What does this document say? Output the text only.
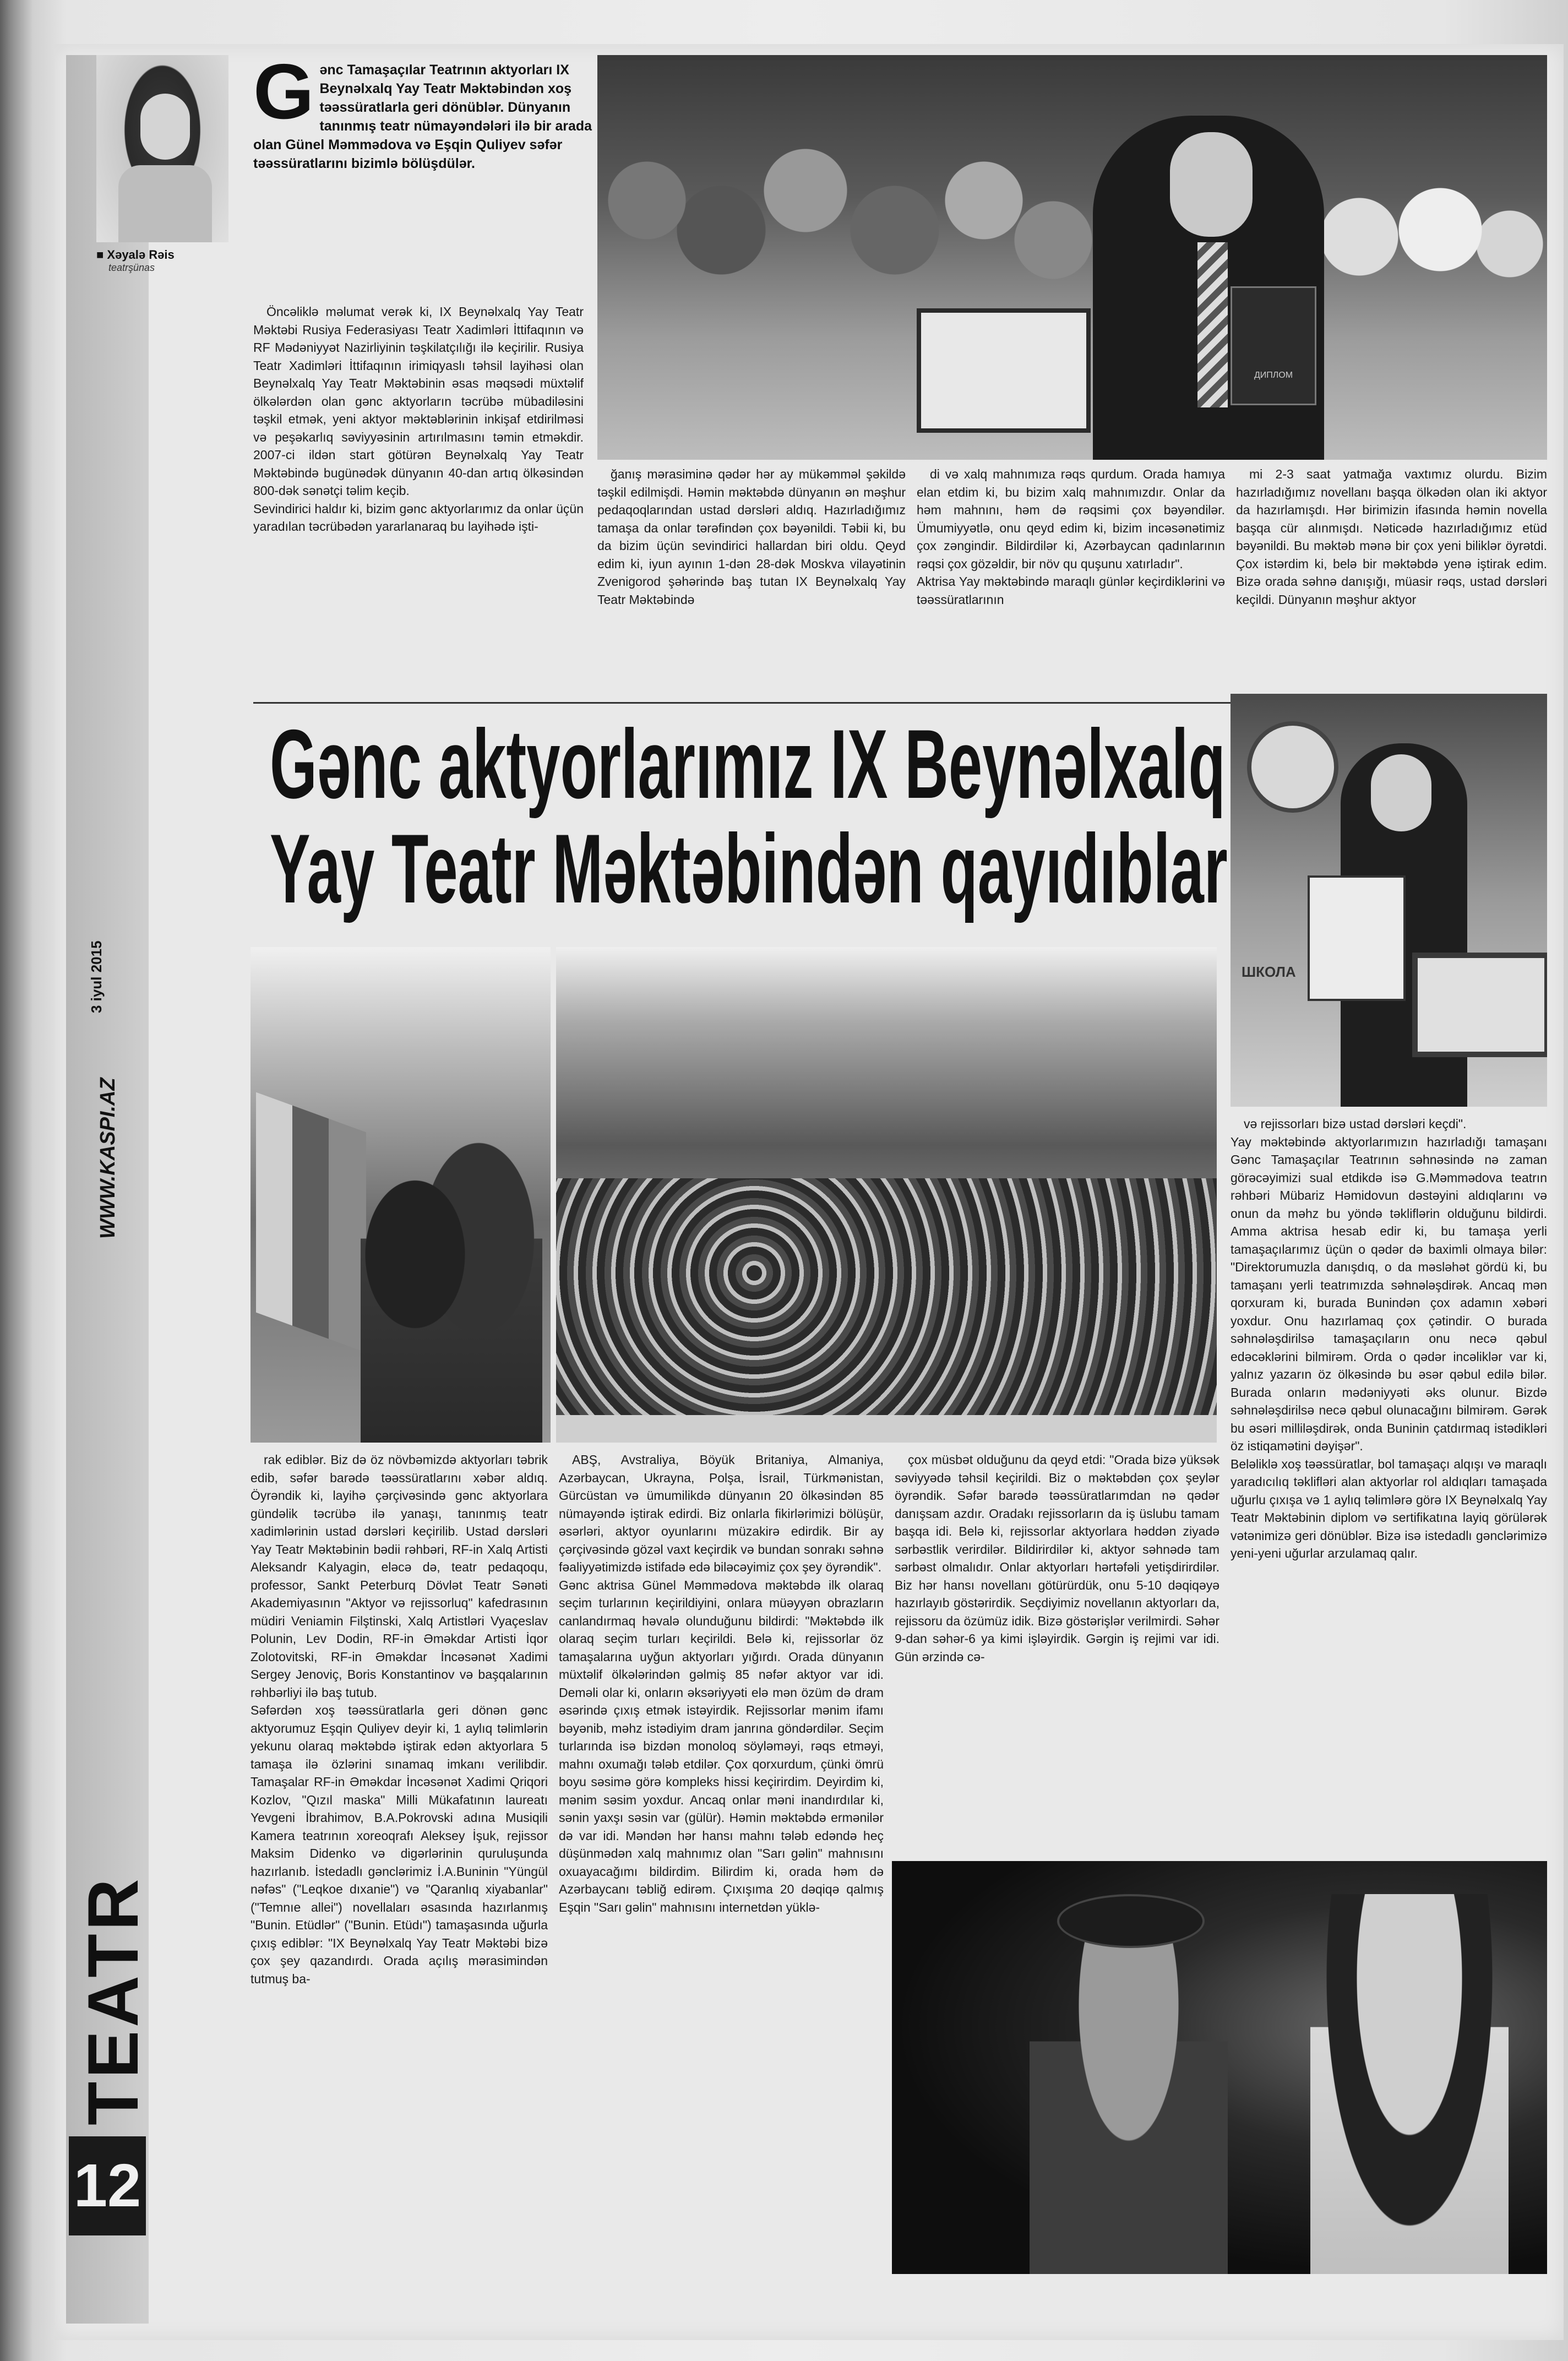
3 iyul 2015
WWW.KASPI.AZ
TEATR
12
■ Xəyalə Rəis
teatrşünas
Gənc Tamaşaçılar Teatrının aktyorları IX Beynəlxalq Yay Teatr Məktəbindən xoş təəssüratlarla geri dönüblər. Dünyanın tanınmış teatr nümayəndələri ilə bir arada olan Günel Məmmədova və Eşqin Quliyev səfər təəssüratlarını bizimlə bölüşdülər.

Öncəliklə məlumat verək ki, IX Beynəlxalq Yay Teatr Məktəbi Rusiya Federasiyası Teatr Xadimləri İttifaqının və RF Mədəniyyət Nazirliyinin təşkilatçılığı ilə keçirilir. Rusiya Teatr Xadimləri İttifaqının irimiqyaslı təhsil layihəsi olan Beynəlxalq Yay Teatr Məktəbinin əsas məqsədi müxtəlif ölkələrdən olan gənc aktyorların təcrübə mübadiləsini təşkil etmək, yeni aktyor məktəblərinin inkişaf etdirilməsi və peşəkarlıq səviyyəsinin artırılmasını təmin etməkdir. 2007-ci ildən start götürən Beynəlxalq Yay Teatr Məktəbində bugünədək dünyanın 40-dan artıq ölkəsindən 800-dək sənətçi təlim keçib.
Sevindirici haldır ki, bizim gənc aktyorlarımız da onlar üçün yaradılan təcrübədən yararlanaraq bu layihədə işti-

ДИПЛОМ

ğanış mərasiminə qədər hər ay mükəmməl şəkildə təşkil edilmişdi. Həmin məktəbdə dünyanın ən məşhur pedaqoqlarından ustad dərsləri aldıq. Hazırladığımız tamaşa da onlar tərəfindən çox bəyənildi. Təbii ki, bu da bizim üçün sevindirici hallardan biri oldu. Qeyd edim ki, iyun ayının 1-dən 28-dək Moskva vilayətinin Zvenigorod şəhərində baş tutan IX Beynəlxalq Yay Teatr Məktəbində

di və xalq mahnımıza rəqs qurdum. Orada hamıya elan etdim ki, bu bizim xalq mahnımızdır. Onlar da həm mahnını, həm də rəqsimi çox bəyəndilər. Ümumiyyətlə, onu qeyd edim ki, bizim incəsənətimiz çox zəngindir. Bildirdilər ki, Azərbaycan qadınlarının rəqsi çox gözəldir, bir növ qu quşunu xatırladır".
Aktrisa Yay məktəbində maraqlı günlər keçirdiklərini və təəssüratlarının

mi 2-3 saat yatmağa vaxtımız olurdu. Bizim hazırladığımız novellanı başqa ölkədən olan iki aktyor da hazırlamışdı. Hər birimizin ifasında həmin novella başqa cür alınmışdı. Nəticədə hazırladığımız etüd bəyənildi. Bu məktəb mənə bir çox yeni biliklər öyrətdi. Çox istərdim ki, belə bir məktəbdə yenə iştirak edim. Bizə orada səhnə danışığı, müasir rəqs, ustad dərsləri keçildi. Dünyanın məşhur aktyor

Gənc aktyorlarımız IX Beynəlxalq
Yay Teatr Məktəbindən qayıdıblar
ШКОЛА

və rejissorları bizə ustad dərsləri keçdi".
Yay məktəbində aktyorlarımızın hazırladığı tamaşanı Gənc Tamaşaçılar Teatrının səhnəsində nə zaman görəcəyimizi sual etdikdə isə G.Məmmədova teatrın rəhbəri Mübariz Həmidovun dəstəyini aldıqlarını və onun da məhz bu yöndə təkliflərin olduğunu bildirdi. Amma aktrisa hesab edir ki, bu tamaşa yerli tamaşaçılarımız üçün o qədər də baximli olmaya bilər: "Direktorumuzla danışdıq, o da məsləhət gördü ki, bu tamaşanı yerli teatrımızda səhnələşdirək. Ancaq mən qorxuram ki, burada Bunindən çox adamın xəbəri yoxdur. Onu hazırlamaq çox çətindir. O burada səhnələşdirilsə tamaşaçıların onu necə qəbul edəcəklərini bilmirəm. Orda o qədər incəliklər var ki, yalnız yazarın öz ölkəsində bu əsər qəbul edilə bilər. Burada onların mədəniyyəti əks olunur. Bizdə səhnələşdirilsə necə qəbul olunacağını bilmirəm. Gərək bu əsəri milliləşdirək, onda Buninin çatdırmaq istədikləri öz istiqamətini dəyişər".
Beləliklə xoş təəssüratlar, bol tamaşaçı alqışı və maraqlı yaradıcılıq təklifləri alan aktyorlar rol aldıqları tamaşada uğurlu çıxışa və 1 aylıq təlimlərə görə IX Beynəlxalq Yay Teatr Məktəbinin diplom və sertifikatına layiq görülərək vətənimizə geri dönüblər. Bizə isə istedadlı gənclərimizə yeni-yeni uğurlar arzulamaq qalır.

rak ediblər. Biz də öz növbəmizdə aktyorları təbrik edib, səfər barədə təəssüratlarını xəbər aldıq. Öyrəndik ki, layihə çərçivəsində gənc aktyorlara gündəlik təcrübə ilə yanaşı, tanınmış teatr xadimlərinin ustad dərsləri keçirilib. Ustad dərsləri Yay Teatr Məktəbinin bədii rəhbəri, RF-in Xalq Artisti Aleksandr Kalyagin, eləcə də, teatr pedaqoqu, professor, Sankt Peterburq Dövlət Teatr Sənəti Akademiyasının "Aktyor və rejissorluq" kafedrasının müdiri Veniamin Filştinski, Xalq Artistləri Vyaçeslav Polunin, Lev Dodin, RF-in Əməkdar Artisti İqor Zolotovitski, RF-in Əməkdar İncəsənət Xadimi Sergey Jenoviç, Boris Konstantinov və başqalarının rəhbərliyi ilə baş tutub.
Səfərdən xoş təəssüratlarla geri dönən gənc aktyorumuz Eşqin Quliyev deyir ki, 1 aylıq təlimlərin yekunu olaraq məktəbdə iştirak edən aktyorlara 5 tamaşa ilə özlərini sınamaq imkanı verilibdir. Tamaşalar RF-in Əməkdar İncəsənət Xadimi Qriqori Kozlov, "Qızıl maska" Milli Mükafatının laureatı Yevgeni İbrahimov, B.A.Pokrovski adına Musiqili Kamera teatrının xoreoqrafı Aleksey İşuk, rejissor Maksim Didenko və digərlərinin quruluşunda hazırlanıb. İstedadlı gənclərimiz İ.A.Buninin "Yüngül nəfəs" ("Leqkoe dıxanie") və "Qaranlıq xiyabanlar" ("Temnıe allei") novellaları əsasında hazırlanmış "Bunin. Etüdlər" ("Bunin. Etüdı") tamaşasında uğurla çıxış ediblər: "IX Beynəlxalq Yay Teatr Məktəbi bizə çox şey qazandırdı. Orada açılış mərasimindən tutmuş ba-

ABŞ, Avstraliya, Böyük Britaniya, Almaniya, Azərbaycan, Ukrayna, Polşa, İsrail, Türkmənistan, Gürcüstan və ümumilikdə dünyanın 20 ölkəsindən 85 nümayəndə iştirak edirdi. Biz onlarla fikirlərimizi bölüşür, əsərləri, aktyor oyunlarını müzakirə edirdik. Bir ay çərçivəsində gözəl vaxt keçirdik və bundan sonrakı səhnə fəaliyyətimizdə istifadə edə biləcəyimiz çox şey öyrəndik".
Gənc aktrisa Günel Məmmədova məktəbdə ilk olaraq seçim turlarının keçirildiyini, onlara müəyyən obrazların canlandırmaq həvalə olunduğunu bildirdi: "Məktəbdə ilk olaraq seçim turları keçirildi. Belə ki, rejissorlar öz tamaşalarına uyğun aktyorları yığırdı. Orada dünyanın müxtəlif ölkələrindən gəlmiş 85 nəfər aktyor var idi. Deməli olar ki, onların əksəriyyəti elə mən özüm də dram əsərində çıxış etmək istəyirdik. Rejissorlar mənim ifamı bəyənib, məhz istədiyim dram janrına göndərdilər. Seçim turlarında isə bizdən monoloq söyləməyi, rəqs etməyi, mahnı oxumağı tələb etdilər. Çox qorxurdum, çünki ömrü boyu səsimə görə kompleks hissi keçirirdim. Deyirdim ki, mənim səsim yoxdur. Ancaq onlar məni inandırdılar ki, sənin yaxşı səsin var (gülür). Həmin məktəbdə ermənilər də var idi. Məndən hər hansı mahnı tələb edəndə heç düşünmədən xalq mahnımız olan "Sarı gəlin" mahnısını oxuayacağımı bildirdim. Bilirdim ki, orada həm də Azərbaycanı təbliğ edirəm. Çıxışıma 20 dəqiqə qalmış Eşqin "Sarı gəlin" mahnısını internetdən yüklə-

çox müsbət olduğunu da qeyd etdi: "Orada bizə yüksək səviyyədə təhsil keçirildi. Biz o məktəbdən çox şeylər öyrəndik. Səfər barədə təəssüratlarımdan nə qədər danışsam azdır. Oradakı rejissorların da iş üslubu tamam başqa idi. Belə ki, rejissorlar aktyorlara həddən ziyadə sərbəstlik verirdilər. Bildirirdilər ki, aktyor səhnədə tam sərbəst olmalıdır. Onlar aktyorları hərtəfəli yetişdirirdilər. Biz hər hansı novellanı götürürdük, onu 5-10 dəqiqəyə hazırlayıb göstərirdik. Seçdiyimiz novellanın aktyorları da, rejissoru da özümüz idik. Bizə göstərişlər verilmirdi. Səhər 9-dan səhər-6 ya kimi işləyirdik. Gərgin iş rejimi var idi. Gün ərzində cə-
